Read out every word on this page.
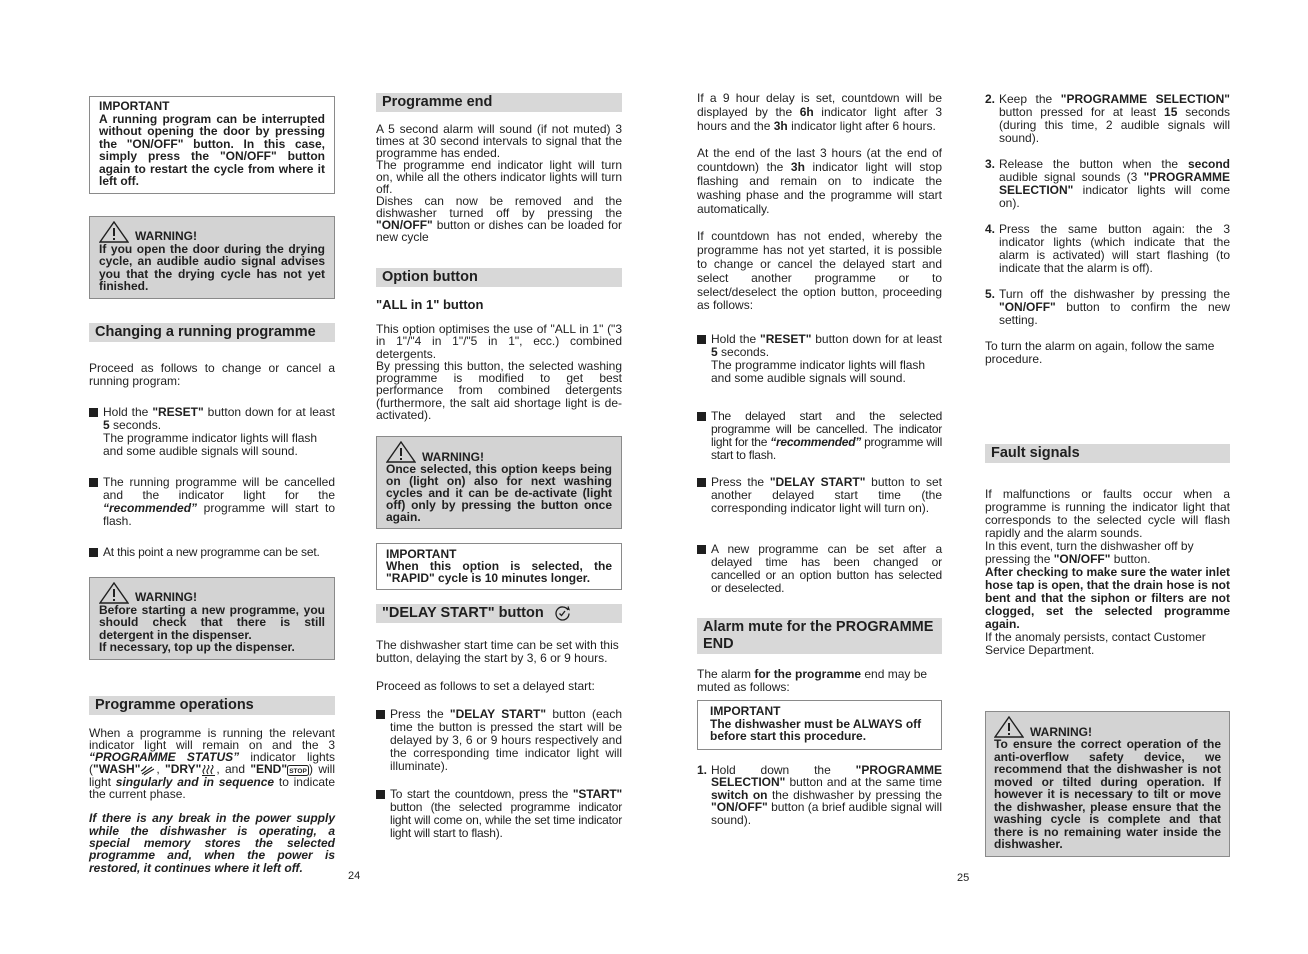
IMPORTANT

A running program can be interrupted without opening the door by pressing the "ON/OFF" button. In this case, simply press the "ON/OFF" button again to restart the cycle from where it left off.

WARNING!

If you open the door during the drying cycle, an audible audio signal advises you that the drying cycle has not yet finished.

Changing a running programme

Proceed as follows to change or cancel a running program:

Hold the "RESET" button down for at least 5 seconds.

The programme indicator lights will flash and some audible signals will sound.

The running programme will be cancelled and the indicator light for the “recommended” programme will start to flash.

At this point a new programme can be set.

WARNING!

Before starting a new programme, you should check that there is still detergent in the dispenser.

If necessary, top up the dispenser.

Programme operations

When a programme is running the relevant indicator light will remain on and the 3 “PROGRAMME STATUS” indicator lights ("WASH" , "DRY" , and "END" STOP ) will light singularly and in sequence to indicate the current phase.

If there is any break in the power supply while the dishwasher is operating, a special memory stores the selected programme and, when the power is restored, it continues where it left off.

24
Programme end

A 5 second alarm will sound (if not muted) 3 times at 30 second intervals to signal that the programme has ended.

The programme end indicator light will turn on, while all the others indicator lights will turn off.

Dishes can now be removed and the dishwasher turned off by pressing the "ON/OFF" button or dishes can be loaded for new cycle

Option button
"ALL in 1" button

This option optimises the use of "ALL in 1" ("3 in 1"/"4 in 1"/"5 in 1", ecc.) combined detergents.

By pressing this button, the selected washing programme is modified to get best performance from combined detergents (furthermore, the salt aid shortage light is de-activated).

WARNING!

Once selected, this option keeps being on (light on) also for next washing cycles and it can be de-activate (light off) only by pressing the button once again.

IMPORTANT

When this option is selected, the "RAPID" cycle is 10 minutes longer.

"DELAY START" button

The dishwasher start time can be set with this button, delaying the start by 3, 6 or 9 hours.

Proceed as follows to set a delayed start:

Press the "DELAY START" button (each time the button is pressed the start will be delayed by 3, 6 or 9 hours respectively and the corresponding time indicator light will illuminate).

To start the countdown, press the "START" button (the selected programme indicator light will come on, while the set time indicator light will start to flash).

If a 9 hour delay is set, countdown will be displayed by the 6h indicator light after 3 hours and the 3h indicator light after 6 hours.

At the end of the last 3 hours (at the end of countdown) the 3h indicator light will stop flashing and remain on to indicate the washing phase and the programme will start automatically.

If countdown has not ended, whereby the programme has not yet started, it is possible to change or cancel the delayed start and select another programme or to select/deselect the option button, proceeding as follows:

Hold the "RESET" button down for at least 5 seconds.

The programme indicator lights will flash and some audible signals will sound.

The delayed start and the selected programme will be cancelled. The indicator light for the “recommended” programme will start to flash.

Press the "DELAY START" button to set another delayed start time (the corresponding indicator light will turn on).

A new programme can be set after a delayed time has been changed or cancelled or an option button has selected or deselected.

Alarm mute for the PROGRAMME END

The alarm for the programme end may be muted as follows:

IMPORTANT

The dishwasher must be ALWAYS off before start this procedure.

1. Hold down the "PROGRAMME SELECTION" button and at the same time switch on the dishwasher by pressing the "ON/OFF" button (a brief audible signal will sound).

25
2. Keep the "PROGRAMME SELECTION" button pressed for at least 15 seconds (during this time, 2 audible signals will sound).

3. Release the button when the second audible signal sounds (3 "PROGRAMME SELECTION" indicator lights will come on).

4. Press the same button again: the 3 indicator lights (which indicate that the alarm is activated) will start flashing (to indicate that the alarm is off).

5. Turn off the dishwasher by pressing the "ON/OFF" button to confirm the new setting.

To turn the alarm on again, follow the same procedure.

Fault signals

If malfunctions or faults occur when a programme is running the indicator light that corresponds to the selected cycle will flash rapidly and the alarm sounds.

In this event, turn the dishwasher off by pressing the "ON/OFF" button.

After checking to make sure the water inlet hose tap is open, that the drain hose is not bent and that the siphon or filters are not clogged, set the selected programme again.

If the anomaly persists, contact Customer Service Department.

WARNING!

To ensure the correct operation of the anti-overflow safety device, we recommend that the dishwasher is not moved or tilted during operation. If however it is necessary to tilt or move the dishwasher, please ensure that the washing cycle is complete and that there is no remaining water inside the dishwasher.
